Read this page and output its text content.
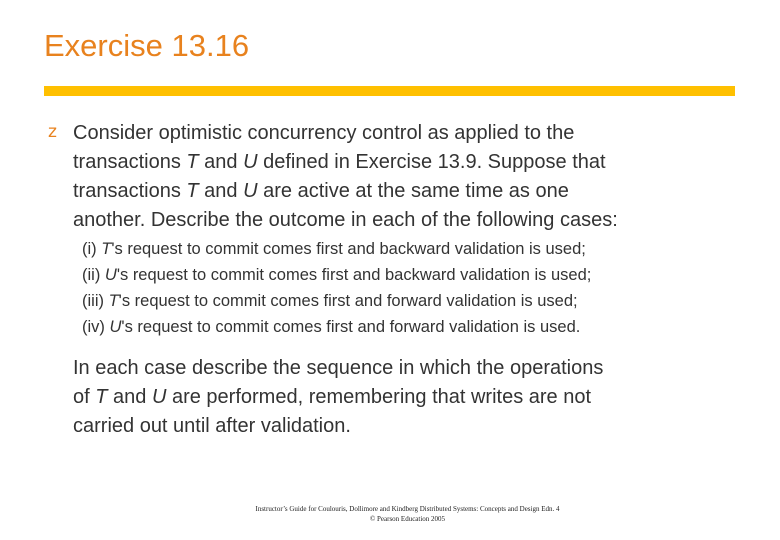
Exercise 13.16
z Consider optimistic concurrency control as applied to the
transactions T and U defined in Exercise 13.9. Suppose that
transactions T and U are active at the same time as one
another. Describe the outcome in each of the following cases:
(i) T's request to commit comes first and backward validation is used;
(ii) U's request to commit comes first and backward validation is used;
(iii) T's request to commit comes first and forward validation is used;
(iv) U's request to commit comes first and forward validation is used.
In each case describe the sequence in which the operations
of T and U are performed, remembering that writes are not
carried out until after validation.
Instructor’s Guide for Coulouris, Dollimore and Kindberg Distributed Systems: Concepts and Design Edn. 4
© Pearson Education 2005
